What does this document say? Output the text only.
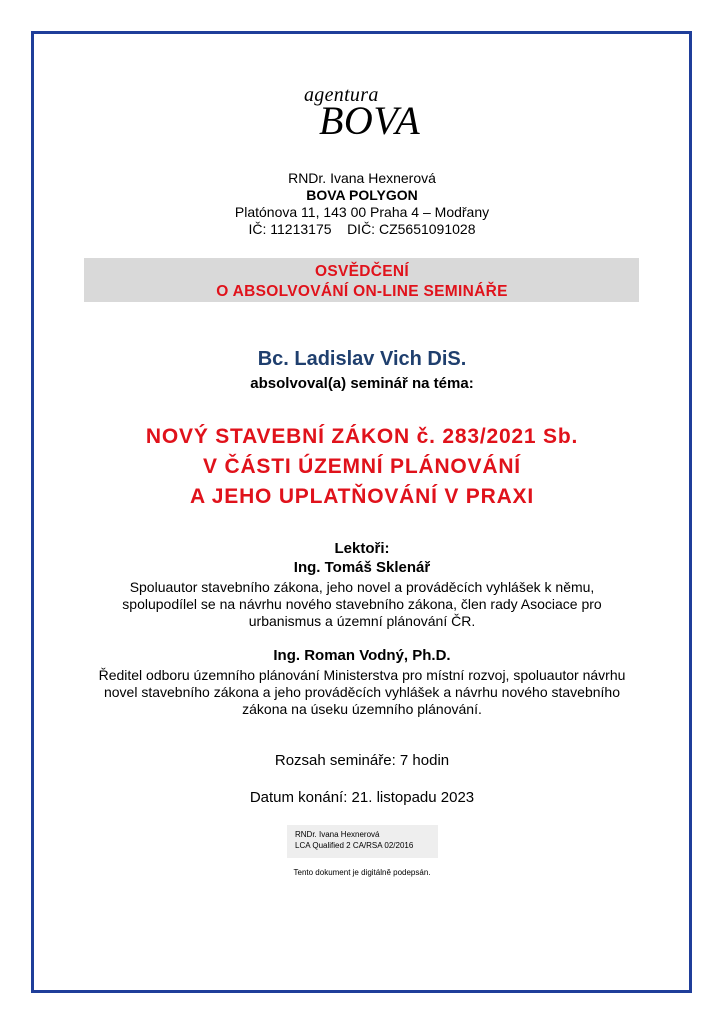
agentura
BOVA
RNDr. Ivana Hexnerová
BOVA POLYGON
Platónova 11, 143 00 Praha 4 – Modřany
IČ: 11213175    DIČ: CZ5651091028
OSVĚDČENÍ
O ABSOLVOVÁNÍ ON-LINE SEMINÁŘE
Bc. Ladislav Vich DiS.
absolvoval(a) seminář na téma:
NOVÝ STAVEBNÍ ZÁKON č. 283/2021 Sb.
V ČÁSTI ÚZEMNÍ PLÁNOVÁNÍ
A JEHO UPLATŇOVÁNÍ V PRAXI
Lektoři:
Ing. Tomáš Sklenář
Spoluautor stavebního zákona, jeho novel a prováděcích vyhlášek k němu,
spolupodílel se na návrhu nového stavebního zákona, člen rady Asociace pro
urbanismus a územní plánování ČR.
Ing. Roman Vodný, Ph.D.
Ředitel odboru územního plánování Ministerstva pro místní rozvoj, spoluautor návrhu
novel stavebního zákona a jeho prováděcích vyhlášek a návrhu nového stavebního
zákona na úseku územního plánování.
Rozsah semináře: 7 hodin
Datum konání: 21. listopadu 2023
RNDr. Ivana Hexnerová
LCA Qualified 2 CA/RSA 02/2016
Tento dokument je digitálně podepsán.
